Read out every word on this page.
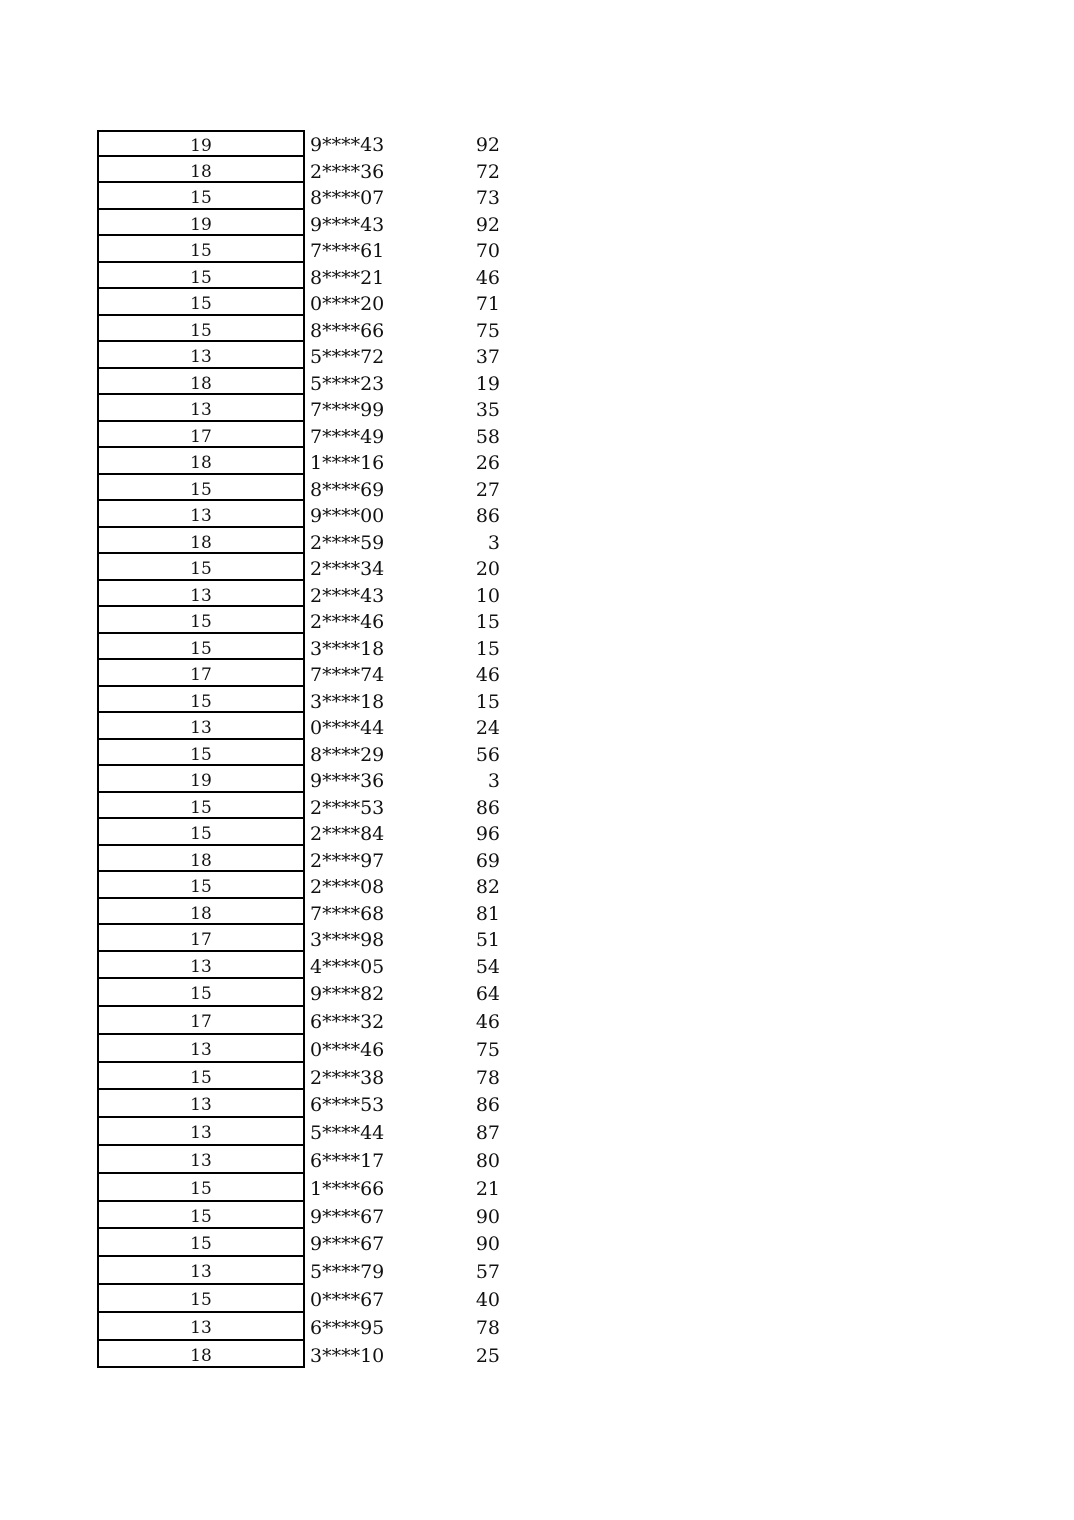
19	9****43	92
18	2****36	72
15	8****07	73
19	9****43	92
15	7****61	70
15	8****21	46
15	0****20	71
15	8****66	75
13	5****72	37
18	5****23	19
13	7****99	35
17	7****49	58
18	1****16	26
15	8****69	27
13	9****00	86
18	2****59	3
15	2****34	20
13	2****43	10
15	2****46	15
15	3****18	15
17	7****74	46
15	3****18	15
13	0****44	24
15	8****29	56
19	9****36	3
15	2****53	86
15	2****84	96
18	2****97	69
15	2****08	82
18	7****68	81
17	3****98	51
13	4****05	54
15	9****82	64
17	6****32	46
13	0****46	75
15	2****38	78
13	6****53	86
13	5****44	87
13	6****17	80
15	1****66	21
15	9****67	90
15	9****67	90
13	5****79	57
15	0****67	40
13	6****95	78
18	3****10	25
